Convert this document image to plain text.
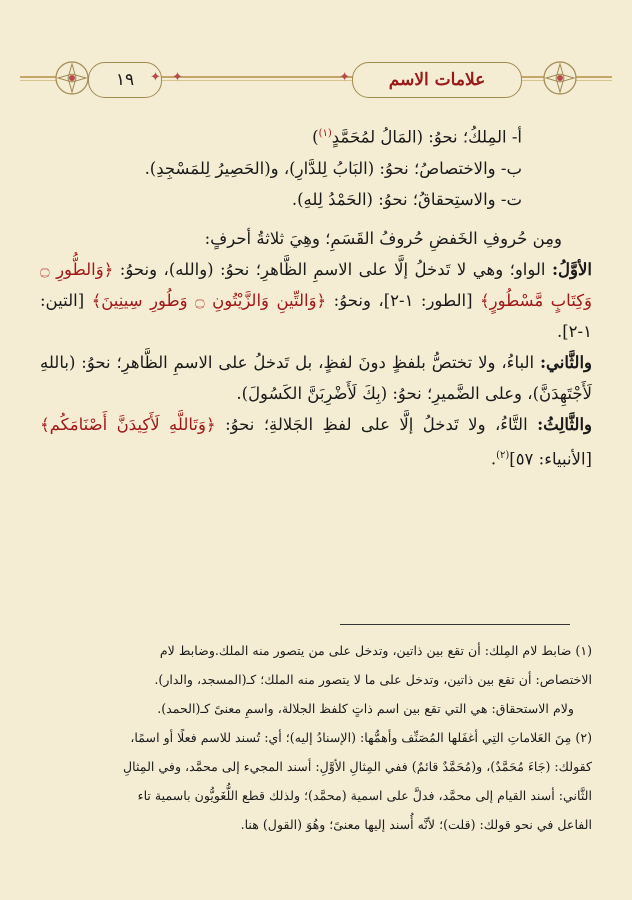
١٩ ✦ ✦	✦ علامات الاسم

أ- المِلكُ؛ نحوُ: (المَالُ لمُحَمَّدٍ$^{(١)}$)

ب- والاختصاصُ؛ نحوُ: (البَابُ لِلدَّارِ)، و(الحَصِيرُ لِلمَسْجِدِ).

ت- والاستِحقاقُ؛ نحوُ: (الحَمْدُ لِلهِ).

ومِن حُروفِ الخَفضِ حُروفُ القَسَمِ؛ وهِيَ ثلاثةُ أحرفٍ:

الأوَّلُ: الواو؛ وهي لا تَدخلُ إلَّا على الاسمِ الظَّاهرِ؛ نحوُ: (والله)، ونحوُ: ﴿وَالطُّورِ ۝ وَكِتَابٍ مَّسْطُورٍ﴾ [الطور: ١-٢]، ونحوُ: ﴿وَالتِّينِ وَالزَّيْتُونِ ۝ وَطُورِ سِينِينَ﴾ [التين: ١-٢].

والثَّاني: الباءُ، ولا تختصُّ بلفظٍ دونَ لفظٍ، بل تَدخلُ على الاسمِ الظَّاهرِ؛ نحوُ: (باللهِ لَأَجْتَهِدَنَّ)، وعلى الضَّميرِ؛ نحوُ: (بِكَ لَأَضْرِبَنَّ الكَسُولَ).

والثَّالِثُ: التَّاءُ، ولا تَدخلُ إلَّا على لفظِ الجَلالةِ؛ نحوُ: ﴿وَتَاللَّهِ لَأَكِيدَنَّ أَصْنَامَكُم﴾ [الأنبياء: ٥٧]$^{(٢)}$.

(١) ضابط لام المِلك: أن تقع بين ذاتين، وتدخل على من يتصور منه الملك.وضابط لام

الاختصاص: أن تقع بين ذاتين، وتدخل على ما لا يتصور منه الملك؛ كـ(المسجد، والدار).

ولام الاستحقاق: هي التي تقع بين اسم ذاتٍ كلفظ الجلالة، واسمِ معنىً كـ(الحمد).

(٢) مِنَ العَلاماتِ التِي أغفَلها المُصَنِّف وأهمُّها: (الإسنادُ إليه)؛ أي: تُسند للاسم فعلًا أو اسمًا،

كقولك: (جَاءَ مُحَمَّدٌ)، و(مُحَمَّدٌ قائمٌ) ففي المِثالِ الأوَّلِ: أسند المجيء إلى محمَّد، وفي المِثالِ

الثَّاني: أسند القيام إلى محمَّد، فدلَّ على اسمية (محمَّد)؛ ولذلك قطع اللُّغَويُّون باسمية تاء

الفاعل في نحو قولك: (قلت)؛ لأنَّه أُسند إليها معنىً؛ وهُوَ (القول) هنا.
